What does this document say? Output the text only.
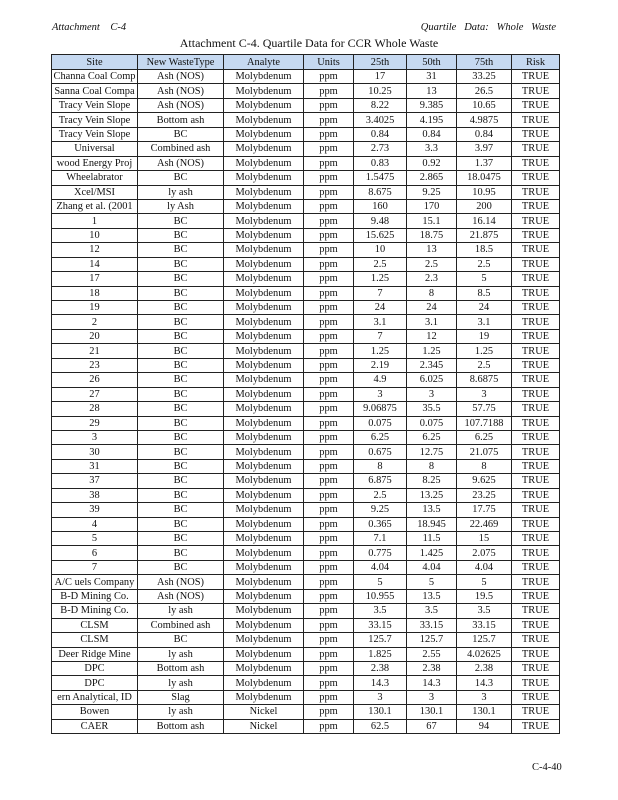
Attachment    C-4	Quartile   Data:   Whole   Waste
Attachment C-4. Quartile Data for CCR Whole Waste
Site	New WasteType	Analyte	Units	25th	50th	75th	Risk
Channa Coal Comp	Ash (NOS)	Molybdenum	ppm	17	31	33.25	TRUE
Sanna Coal Compa	Ash (NOS)	Molybdenum	ppm	10.25	13	26.5	TRUE
Tracy Vein Slope	Ash (NOS)	Molybdenum	ppm	8.22	9.385	10.65	TRUE
Tracy Vein Slope	Bottom ash	Molybdenum	ppm	3.4025	4.195	4.9875	TRUE
Tracy Vein Slope	BC	Molybdenum	ppm	0.84	0.84	0.84	TRUE
Universal	Combined ash	Molybdenum	ppm	2.73	3.3	3.97	TRUE
wood Energy Proj	Ash (NOS)	Molybdenum	ppm	0.83	0.92	1.37	TRUE
Wheelabrator	BC	Molybdenum	ppm	1.5475	2.865	18.0475	TRUE
Xcel/MSI	ly ash	Molybdenum	ppm	8.675	9.25	10.95	TRUE
Zhang et al. (2001	ly Ash	Molybdenum	ppm	160	170	200	TRUE
1	BC	Molybdenum	ppm	9.48	15.1	16.14	TRUE
10	BC	Molybdenum	ppm	15.625	18.75	21.875	TRUE
12	BC	Molybdenum	ppm	10	13	18.5	TRUE
14	BC	Molybdenum	ppm	2.5	2.5	2.5	TRUE
17	BC	Molybdenum	ppm	1.25	2.3	5	TRUE
18	BC	Molybdenum	ppm	7	8	8.5	TRUE
19	BC	Molybdenum	ppm	24	24	24	TRUE
2	BC	Molybdenum	ppm	3.1	3.1	3.1	TRUE
20	BC	Molybdenum	ppm	7	12	19	TRUE
21	BC	Molybdenum	ppm	1.25	1.25	1.25	TRUE
23	BC	Molybdenum	ppm	2.19	2.345	2.5	TRUE
26	BC	Molybdenum	ppm	4.9	6.025	8.6875	TRUE
27	BC	Molybdenum	ppm	3	3	3	TRUE
28	BC	Molybdenum	ppm	9.06875	35.5	57.75	TRUE
29	BC	Molybdenum	ppm	0.075	0.075	107.7188	TRUE
3	BC	Molybdenum	ppm	6.25	6.25	6.25	TRUE
30	BC	Molybdenum	ppm	0.675	12.75	21.075	TRUE
31	BC	Molybdenum	ppm	8	8	8	TRUE
37	BC	Molybdenum	ppm	6.875	8.25	9.625	TRUE
38	BC	Molybdenum	ppm	2.5	13.25	23.25	TRUE
39	BC	Molybdenum	ppm	9.25	13.5	17.75	TRUE
4	BC	Molybdenum	ppm	0.365	18.945	22.469	TRUE
5	BC	Molybdenum	ppm	7.1	11.5	15	TRUE
6	BC	Molybdenum	ppm	0.775	1.425	2.075	TRUE
7	BC	Molybdenum	ppm	4.04	4.04	4.04	TRUE
A/C uels Company	Ash (NOS)	Molybdenum	ppm	5	5	5	TRUE
B-D Mining Co.	Ash (NOS)	Molybdenum	ppm	10.955	13.5	19.5	TRUE
B-D Mining Co.	ly ash	Molybdenum	ppm	3.5	3.5	3.5	TRUE
CLSM	Combined ash	Molybdenum	ppm	33.15	33.15	33.15	TRUE
CLSM	BC	Molybdenum	ppm	125.7	125.7	125.7	TRUE
Deer Ridge Mine	ly ash	Molybdenum	ppm	1.825	2.55	4.02625	TRUE
DPC	Bottom ash	Molybdenum	ppm	2.38	2.38	2.38	TRUE
DPC	ly ash	Molybdenum	ppm	14.3	14.3	14.3	TRUE
ern Analytical, ID	Slag	Molybdenum	ppm	3	3	3	TRUE
Bowen	ly ash	Nickel	ppm	130.1	130.1	130.1	TRUE
CAER	Bottom ash	Nickel	ppm	62.5	67	94	TRUE
C-4-40
